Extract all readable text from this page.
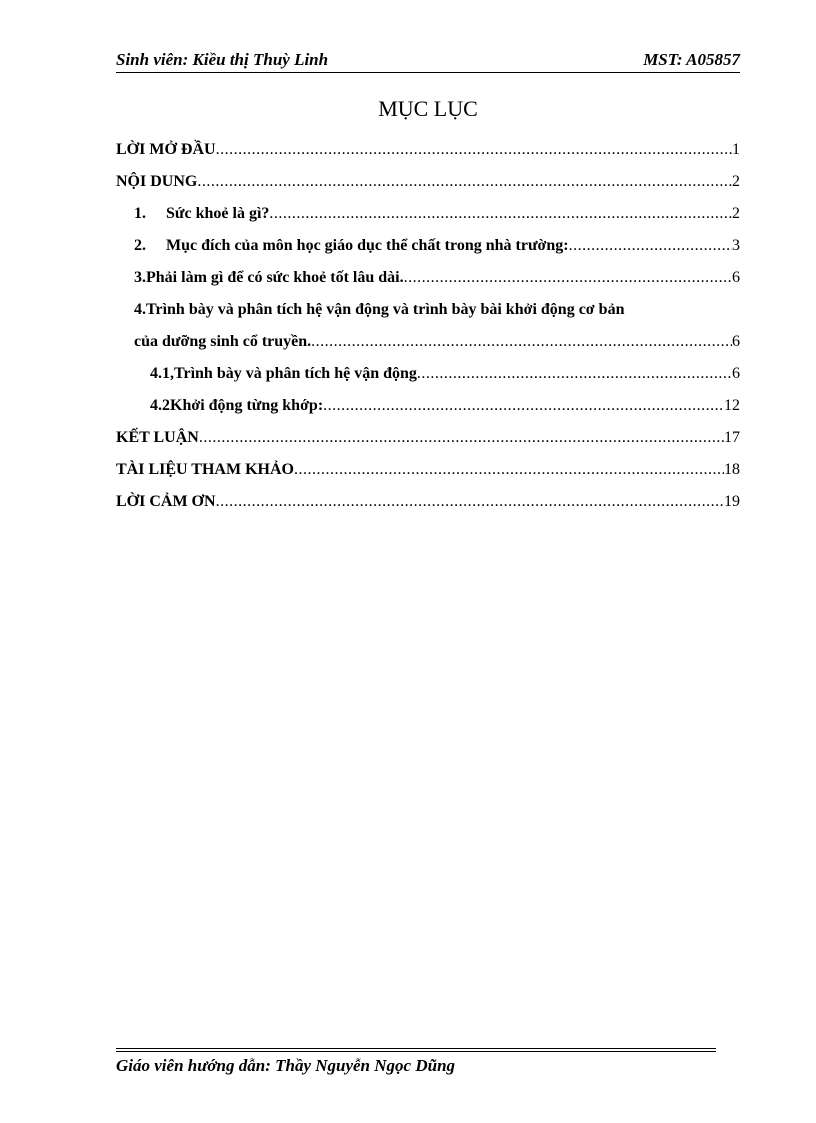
Sinh viên: Kiều thị Thuỳ Linh	MST: A05857
MỤC LỤC
LỜI MỞ ĐẦU .....	1
NỘI DUNG .....	2
1.	Sức khoẻ là gì? .....	2
2.	Mục đích của môn học giáo dục thể chất trong nhà trường: .....	3
3.Phải làm gì để có sức khoẻ tốt lâu dài. .....	6
4.Trình bày và phân tích hệ vận động và trình bày bài khởi động cơ bản
của dưỡng sinh cổ truyền. .....	6
4.1,Trình bày và phân tích hệ vận động .....	6
4.2Khởi động từng khớp: .....	12
KẾT LUẬN .....	17
TÀI LIỆU THAM KHẢO .....	18
LỜI CẢM ƠN .....	19
Giáo viên hướng dẫn: Thầy Nguyễn Ngọc Dũng
